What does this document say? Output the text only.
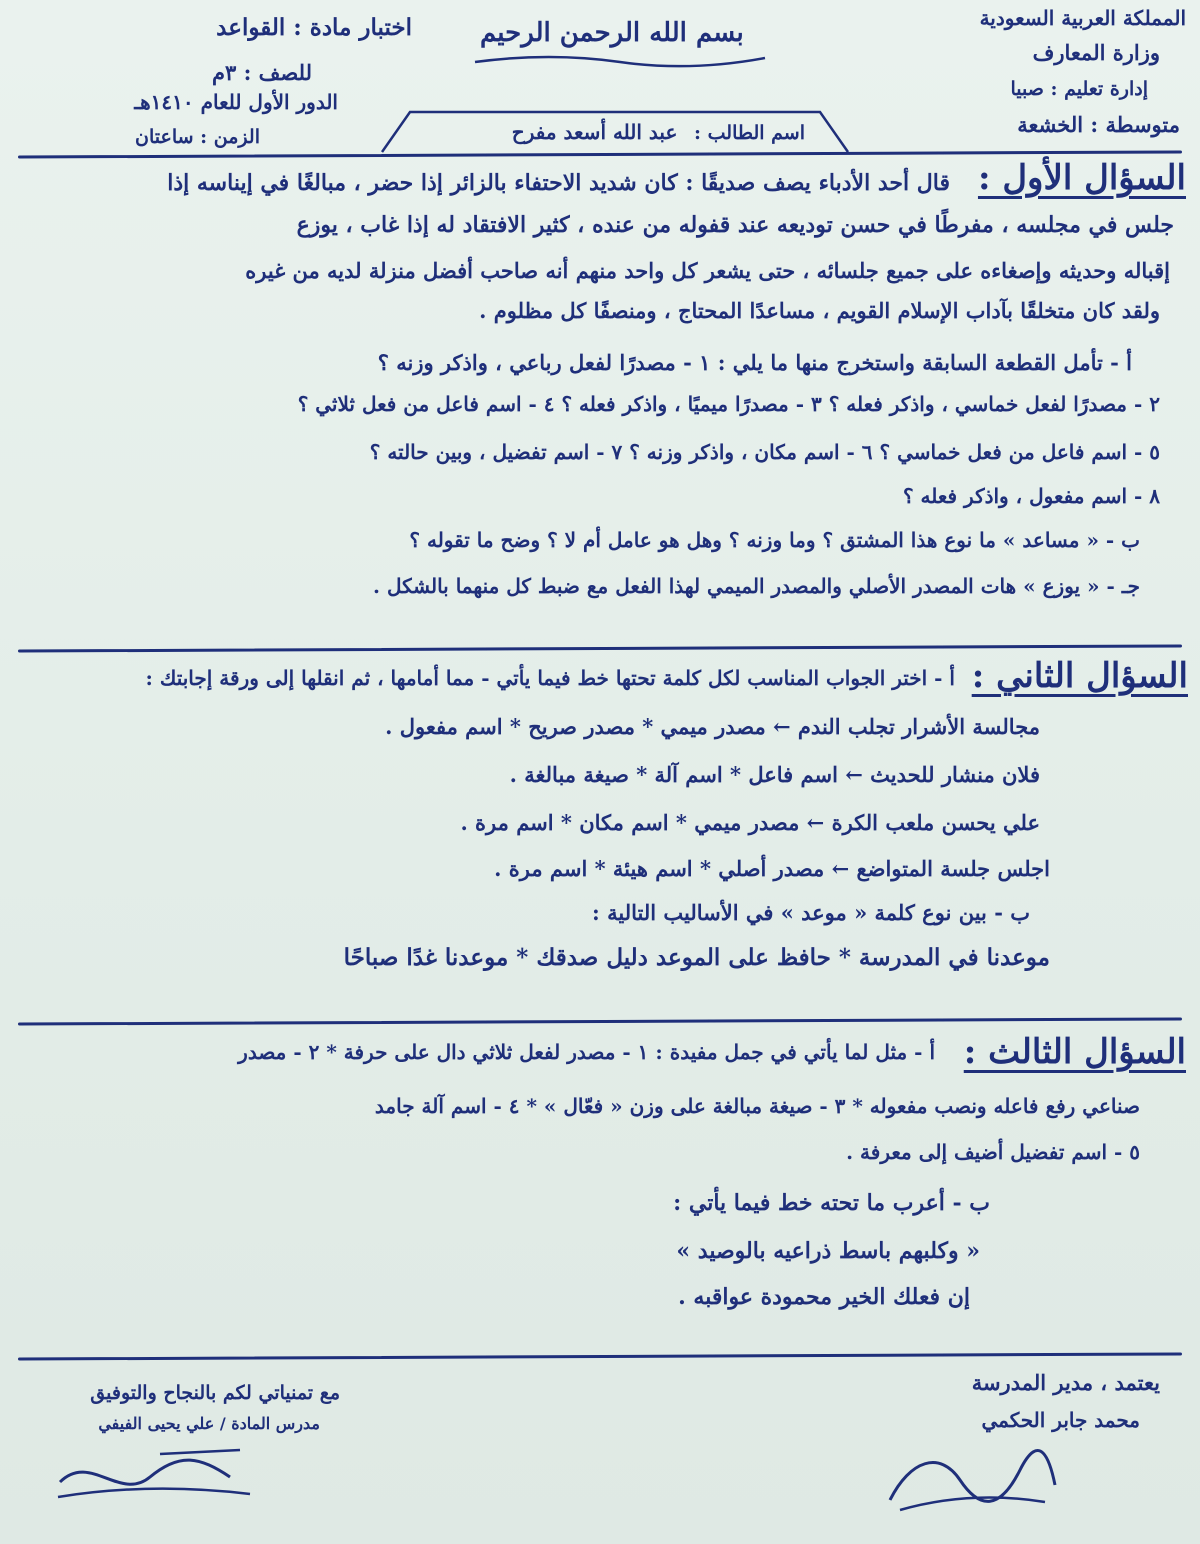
المملكة العربية السعودية
وزارة المعارف
إدارة تعليم : صبيا
متوسطة : الخشعة
بسم الله الرحمن الرحيم
اختبار مادة : القواعد
للصف : ٣م
الدور الأول للعام ١٤١٠هـ
الزمن : ساعتان	اسم الطالب : عبد الله أسعد مفرح
السؤال الأول :
قال أحد الأدباء يصف صديقًا : كان شديد الاحتفاء بالزائر إذا حضر ، مبالغًا في إيناسه إذا
جلس في مجلسه ، مفرطًا في حسن توديعه عند قفوله من عنده ، كثير الافتقاد له إذا غاب ، يوزع
إقباله وحديثه وإصغاءه على جميع جلسائه ، حتى يشعر كل واحد منهم أنه صاحب أفضل منزلة لديه من غيره
ولقد كان متخلقًا بآداب الإسلام القويم ، مساعدًا المحتاج ، ومنصفًا كل مظلوم .
أ - تأمل القطعة السابقة واستخرج منها ما يلي : ١ - مصدرًا لفعل رباعي ، واذكر وزنه ؟
٢ - مصدرًا لفعل خماسي ، واذكر فعله ؟ ٣ - مصدرًا ميميًا ، واذكر فعله ؟ ٤ - اسم فاعل من فعل ثلاثي ؟
٥ - اسم فاعل من فعل خماسي ؟ ٦ - اسم مكان ، واذكر وزنه ؟ ٧ - اسم تفضيل ، وبين حالته ؟
٨ - اسم مفعول ، واذكر فعله ؟
ب - « مساعد » ما نوع هذا المشتق ؟ وما وزنه ؟ وهل هو عامل أم لا ؟ وضح ما تقوله ؟
جـ - « يوزع » هات المصدر الأصلي والمصدر الميمي لهذا الفعل مع ضبط كل منهما بالشكل .
السؤال الثاني :
أ - اختر الجواب المناسب لكل كلمة تحتها خط فيما يأتي - مما أمامها ، ثم انقلها إلى ورقة إجابتك :
مجالسة الأشرار تجلب الندم ← مصدر ميمي * مصدر صريح * اسم مفعول .
فلان منشار للحديث ← اسم فاعل * اسم آلة * صيغة مبالغة .
علي يحسن ملعب الكرة ← مصدر ميمي * اسم مكان * اسم مرة .
اجلس جلسة المتواضع ← مصدر أصلي * اسم هيئة * اسم مرة .
ب - بين نوع كلمة « موعد » في الأساليب التالية :
موعدنا في المدرسة * حافظ على الموعد دليل صدقك * موعدنا غدًا صباحًا
السؤال الثالث :
أ - مثل لما يأتي في جمل مفيدة : ١ - مصدر لفعل ثلاثي دال على حرفة * ٢ - مصدر
صناعي رفع فاعله ونصب مفعوله * ٣ - صيغة مبالغة على وزن « فعّال » * ٤ - اسم آلة جامد
٥ - اسم تفضيل أضيف إلى معرفة .
ب - أعرب ما تحته خط فيما يأتي :
« وكلبهم باسط ذراعيه بالوصيد »
إن فعلك الخير محمودة عواقبه .
يعتمد ، مدير المدرسة
محمد جابر الحكمي
مع تمنياتي لكم بالنجاح والتوفيق
مدرس المادة / علي يحيى الفيفي
